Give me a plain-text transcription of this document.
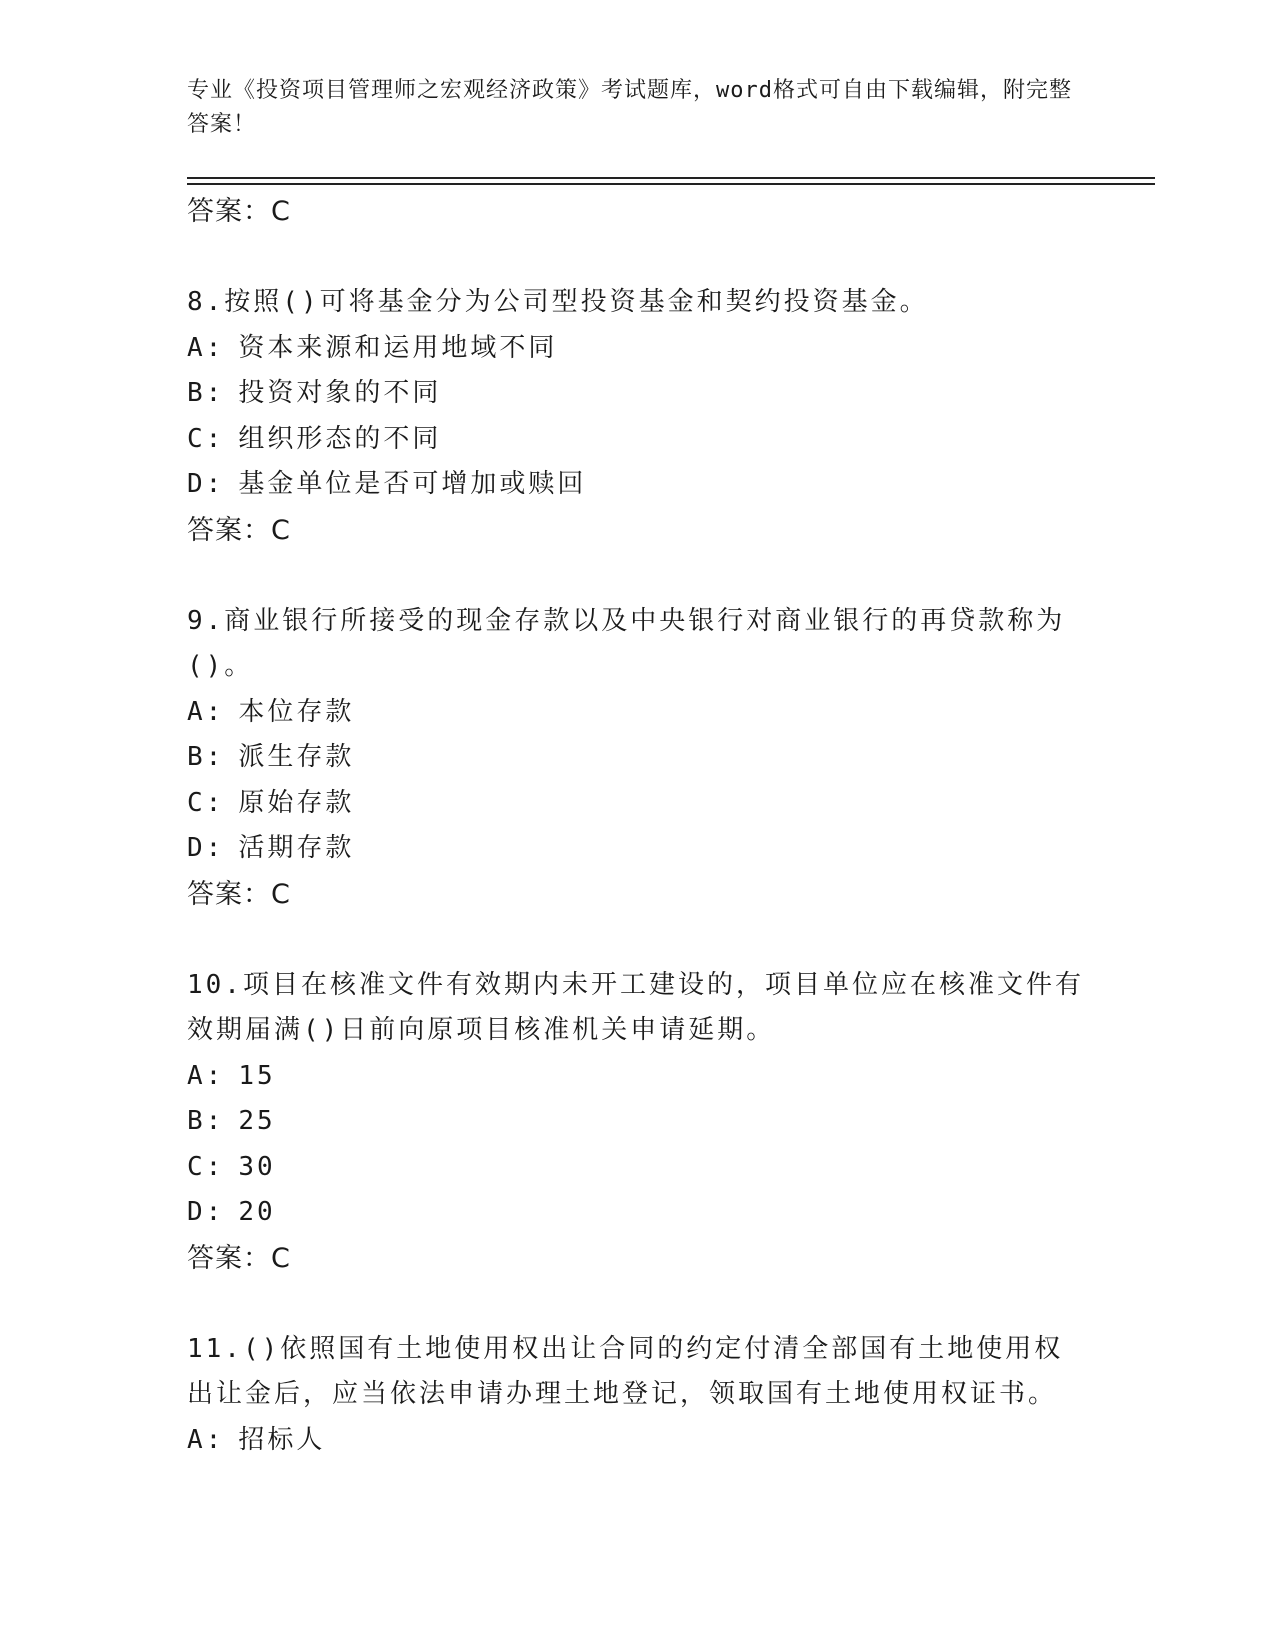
专业《投资项目管理师之宏观经济政策》考试题库，word格式可自由下载编辑，附完整答案！
答案：C
8.按照()可将基金分为公司型投资基金和契约投资基金。
A: 资本来源和运用地域不同
B: 投资对象的不同
C: 组织形态的不同
D: 基金单位是否可增加或赎回
答案：C
9.商业银行所接受的现金存款以及中央银行对商业银行的再贷款称为()。
A: 本位存款
B: 派生存款
C: 原始存款
D: 活期存款
答案：C
10.项目在核准文件有效期内未开工建设的，项目单位应在核准文件有效期届满()日前向原项目核准机关申请延期。
A: 15
B: 25
C: 30
D: 20
答案：C
11.()依照国有土地使用权出让合同的约定付清全部国有土地使用权出让金后，应当依法申请办理土地登记，领取国有土地使用权证书。
A: 招标人
